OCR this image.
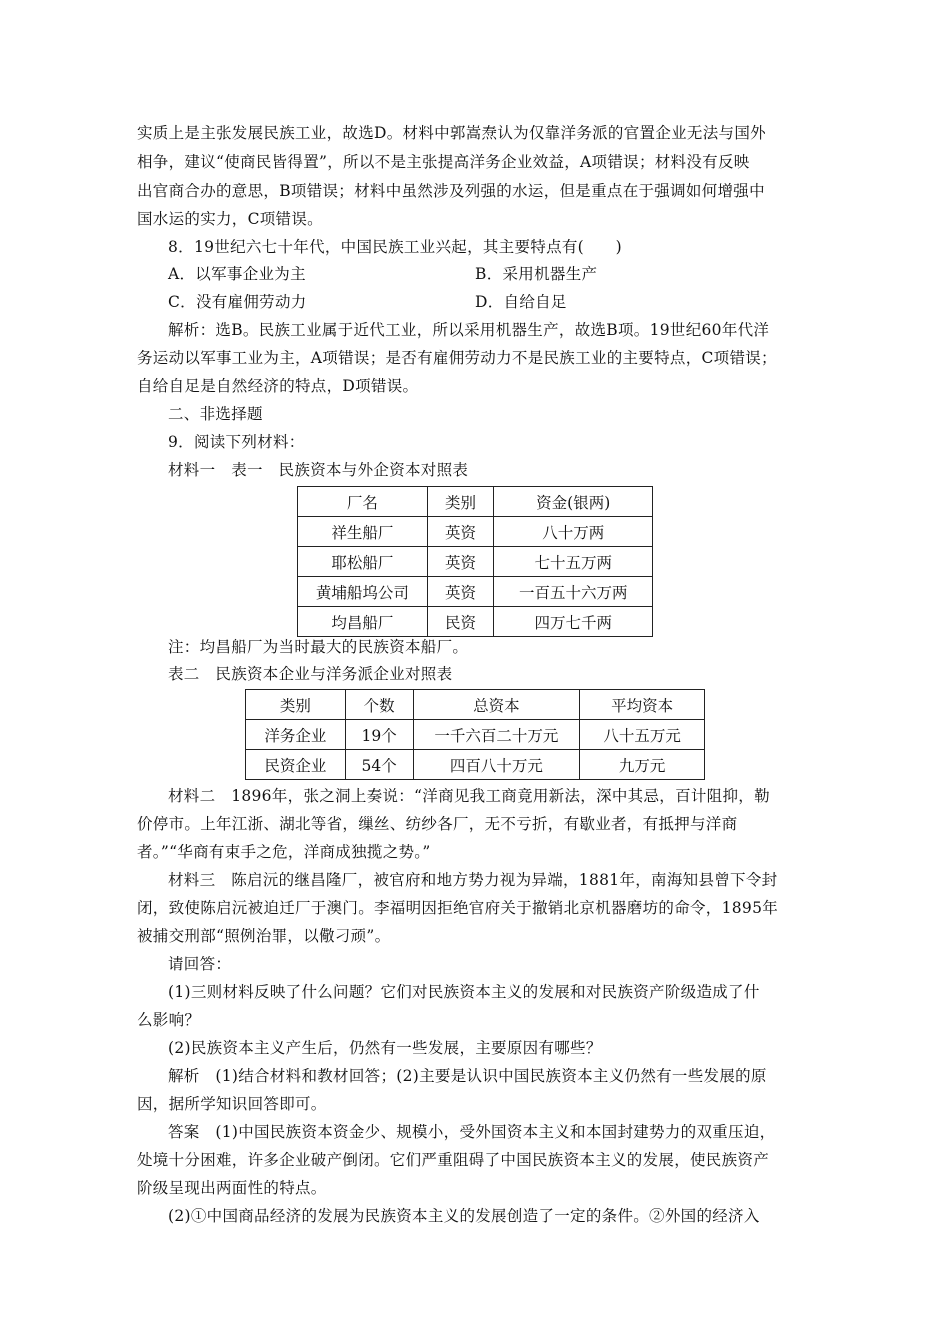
实质上是主张发展民族工业，故选D。材料中郭嵩焘认为仅靠洋务派的官置企业无法与国外
相争，建议“使商民皆得置”，所以不是主张提高洋务企业效益，A项错误；材料没有反映
出官商合办的意思，B项错误；材料中虽然涉及列强的水运，但是重点在于强调如何增强中
国水运的实力，C项错误。
8．19世纪六七十年代，中国民族工业兴起，其主要特点有(　　)
A．以军事企业为主	B．采用机器生产
C．没有雇佣劳动力	D．自给自足
解析：选B。民族工业属于近代工业，所以采用机器生产，故选B项。19世纪60年代洋
务运动以军事工业为主，A项错误；是否有雇佣劳动力不是民族工业的主要特点，C项错误；
自给自足是自然经济的特点，D项错误。
二、非选择题
9．阅读下列材料：
材料一　表一　民族资本与外企资本对照表
厂名	类别	资金(银两)
祥生船厂	英资	八十万两
耶松船厂	英资	七十五万两
黄埔船坞公司	英资	一百五十六万两
均昌船厂	民资	四万七千两
注：均昌船厂为当时最大的民族资本船厂。
表二　民族资本企业与洋务派企业对照表
类别	个数	总资本	平均资本
洋务企业	19个	一千六百二十万元	八十五万元
民资企业	54个	四百八十万元	九万元
材料二　1896年，张之洞上奏说：“洋商见我工商竟用新法，深中其忌，百计阻抑，勒
价停市。上年江浙、湖北等省，缫丝、纺纱各厂，无不亏折，有歇业者，有抵押与洋商
者。”“华商有束手之危，洋商成独揽之势。”
材料三　陈启沅的继昌隆厂，被官府和地方势力视为异端，1881年，南海知县曾下令封
闭，致使陈启沅被迫迁厂于澳门。李福明因拒绝官府关于撤销北京机器磨坊的命令，1895年
被捕交刑部“照例治罪，以儆刁顽”。
请回答：
(1)三则材料反映了什么问题？它们对民族资本主义的发展和对民族资产阶级造成了什
么影响？
(2)民族资本主义产生后，仍然有一些发展，主要原因有哪些？
解析　(1)结合材料和教材回答；(2)主要是认识中国民族资本主义仍然有一些发展的原
因，据所学知识回答即可。
答案　(1)中国民族资本资金少、规模小，受外国资本主义和本国封建势力的双重压迫，
处境十分困难，许多企业破产倒闭。它们严重阻碍了中国民族资本主义的发展，使民族资产
阶级呈现出两面性的特点。
(2)①中国商品经济的发展为民族资本主义的发展创造了一定的条件。②外国的经济入
